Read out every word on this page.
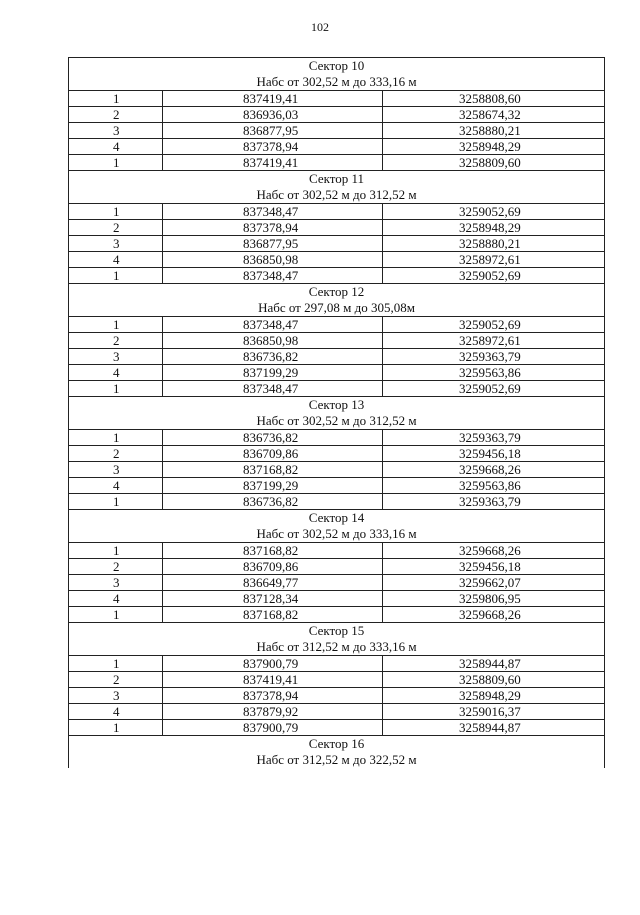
102
Сектор 10
Набс от 302,52 м до 333,16 м		

1	837419,41	3258808,60
2	836936,03	3258674,32
3	836877,95	3258880,21
4	837378,94	3258948,29
1	837419,41	3258809,60

Сектор 11
Набс от 302,52 м до 312,52 м		

1	837348,47	3259052,69
2	837378,94	3258948,29
3	836877,95	3258880,21
4	836850,98	3258972,61
1	837348,47	3259052,69

Сектор 12
Набс от 297,08 м до 305,08м		

1	837348,47	3259052,69
2	836850,98	3258972,61
3	836736,82	3259363,79
4	837199,29	3259563,86
1	837348,47	3259052,69

Сектор 13
Набс от 302,52 м до 312,52 м		

1	836736,82	3259363,79
2	836709,86	3259456,18
3	837168,82	3259668,26
4	837199,29	3259563,86
1	836736,82	3259363,79

Сектор 14
Набс от 302,52 м до 333,16 м		

1	837168,82	3259668,26
2	836709,86	3259456,18
3	836649,77	3259662,07
4	837128,34	3259806,95
1	837168,82	3259668,26

Сектор 15
Набс от 312,52 м до 333,16 м		

1	837900,79	3258944,87
2	837419,41	3258809,60
3	837378,94	3258948,29
4	837879,92	3259016,37
1	837900,79	3258944,87

Сектор 16
Набс от 312,52 м до 322,52 м		
